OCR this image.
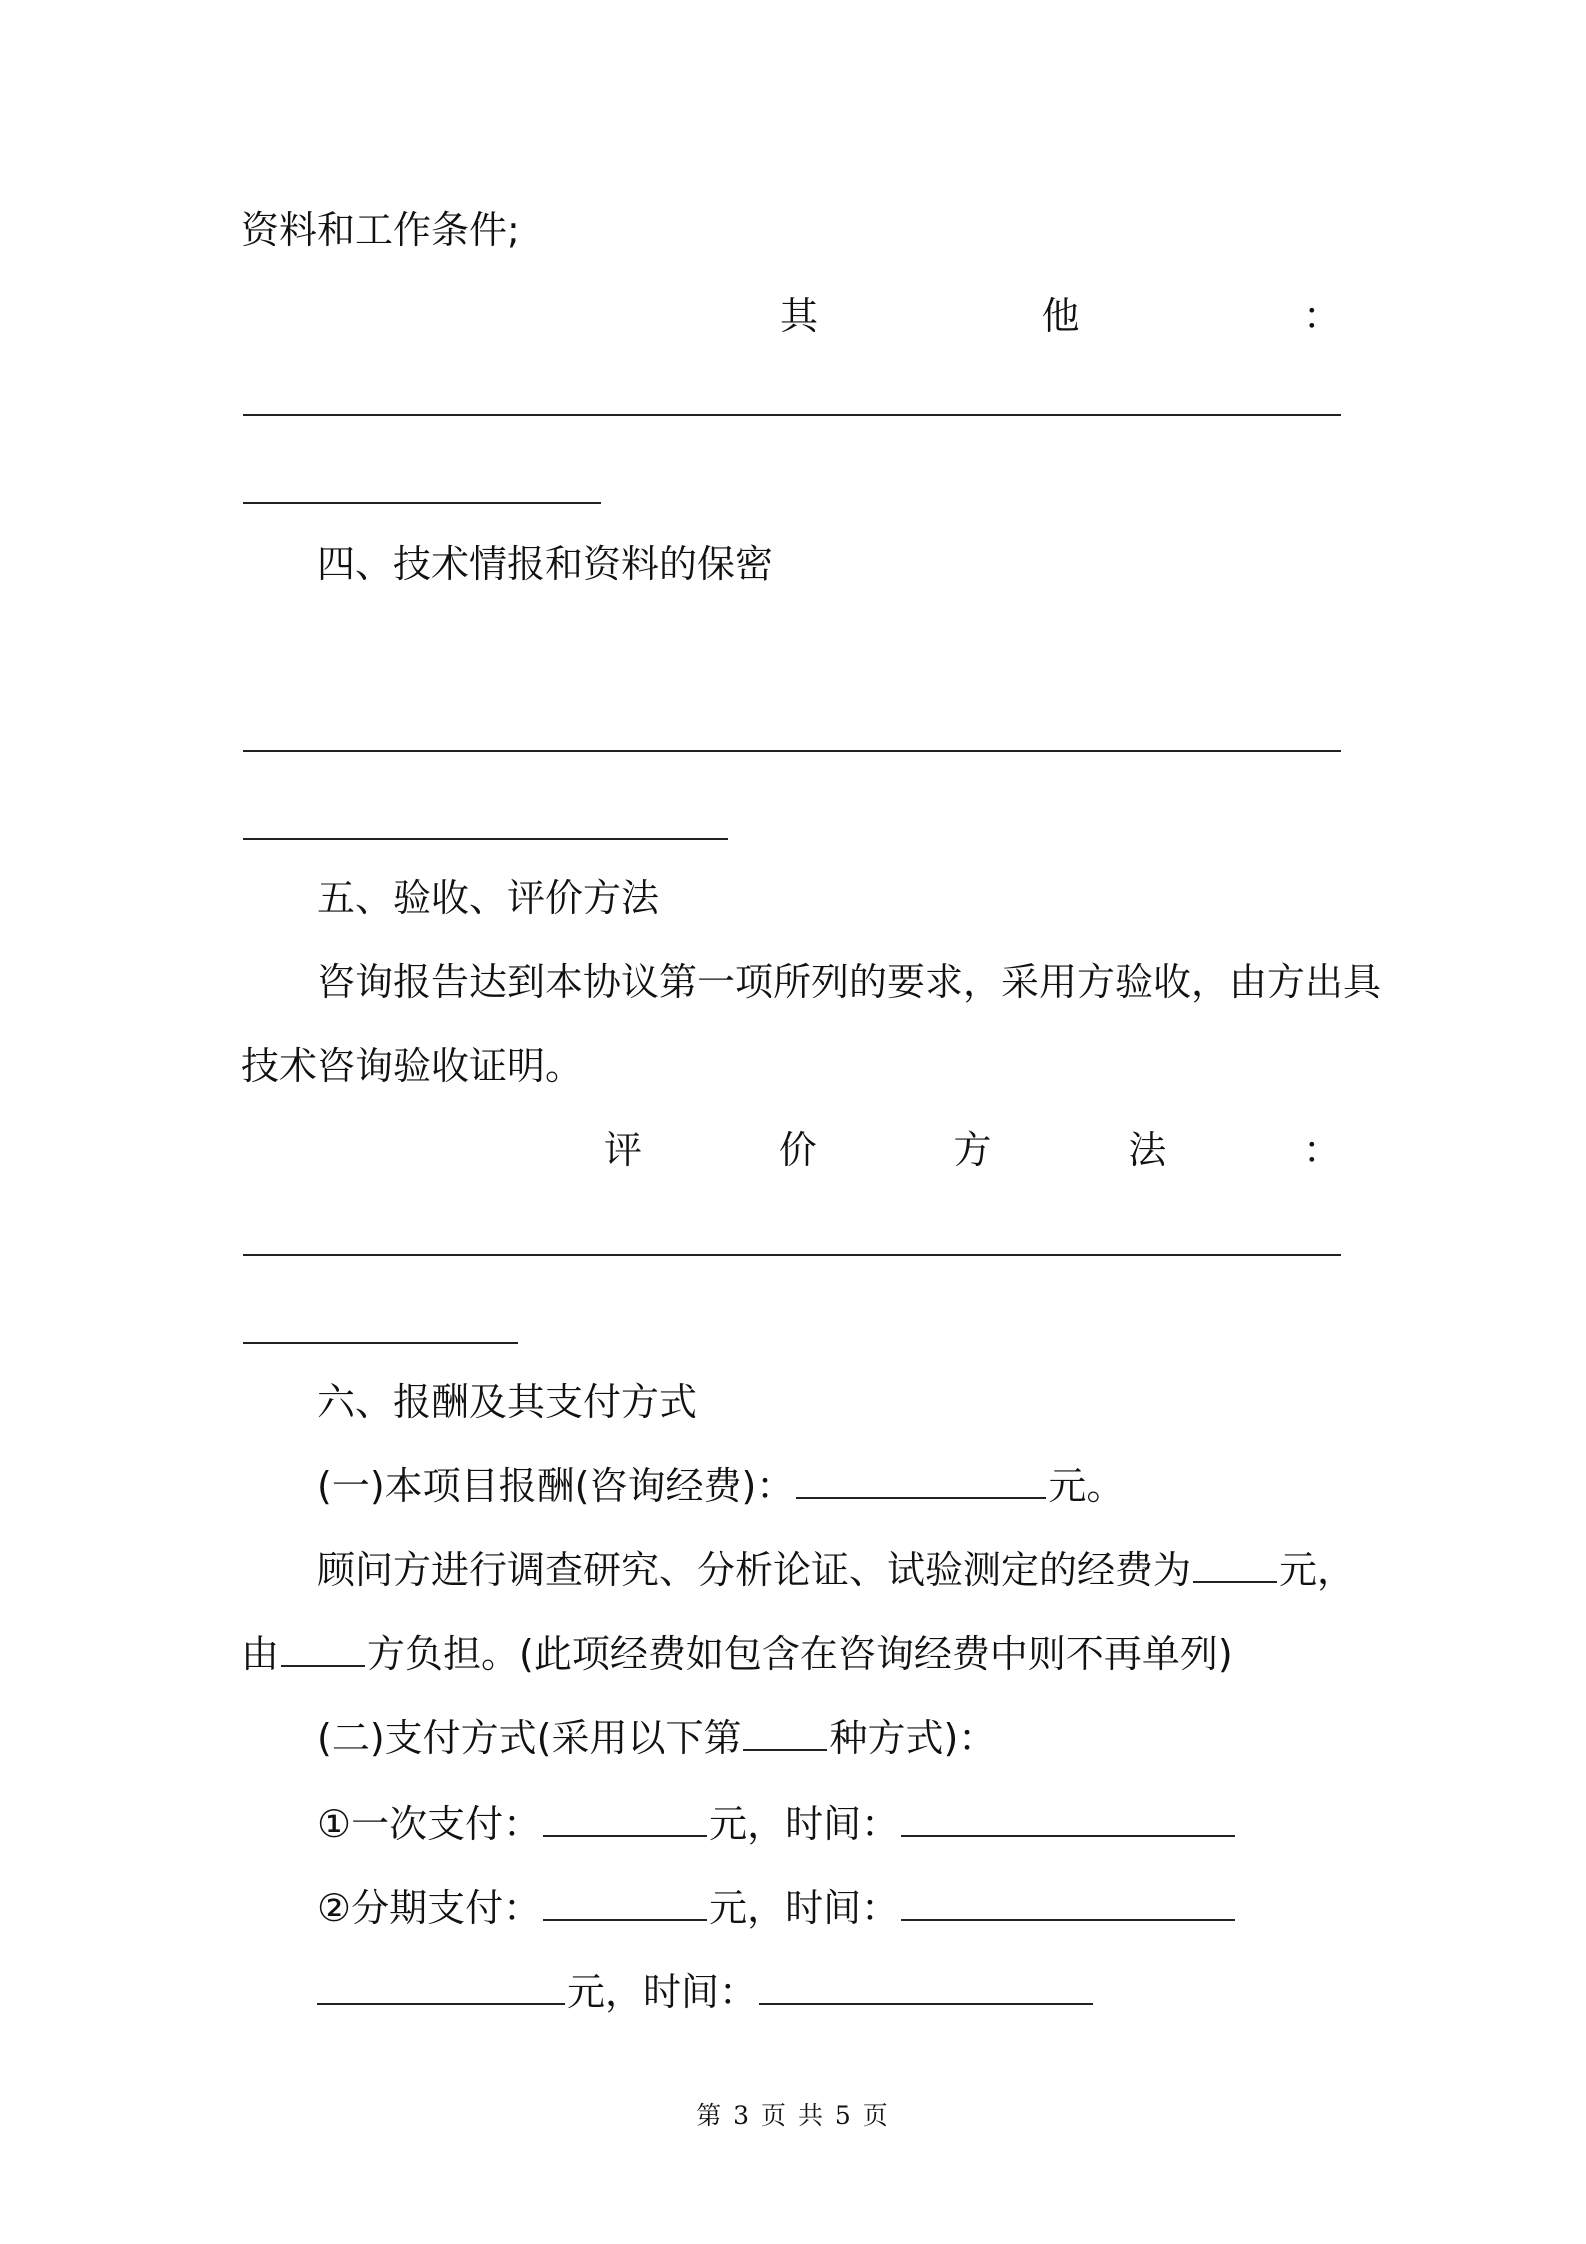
资料和工作条件;
其	他	：
四、技术情报和资料的保密
五、验收、评价方法
咨询报告达到本协议第一项所列的要求，采用方验收，由方出具
技术咨询验收证明。
评	价	方	法	：
六、报酬及其支付方式
(一)本项目报酬(咨询经费)：	元。
顾问方进行调查研究、分析论证、试验测定的经费为 元，
由 方负担。(此项经费如包含在咨询经费中则不再单列)
(二)支付方式(采用以下第 种方式)：
①一次支付：	元，时间：
②分期支付：	元，时间：
元，时间：
第 3 页 共 5 页
